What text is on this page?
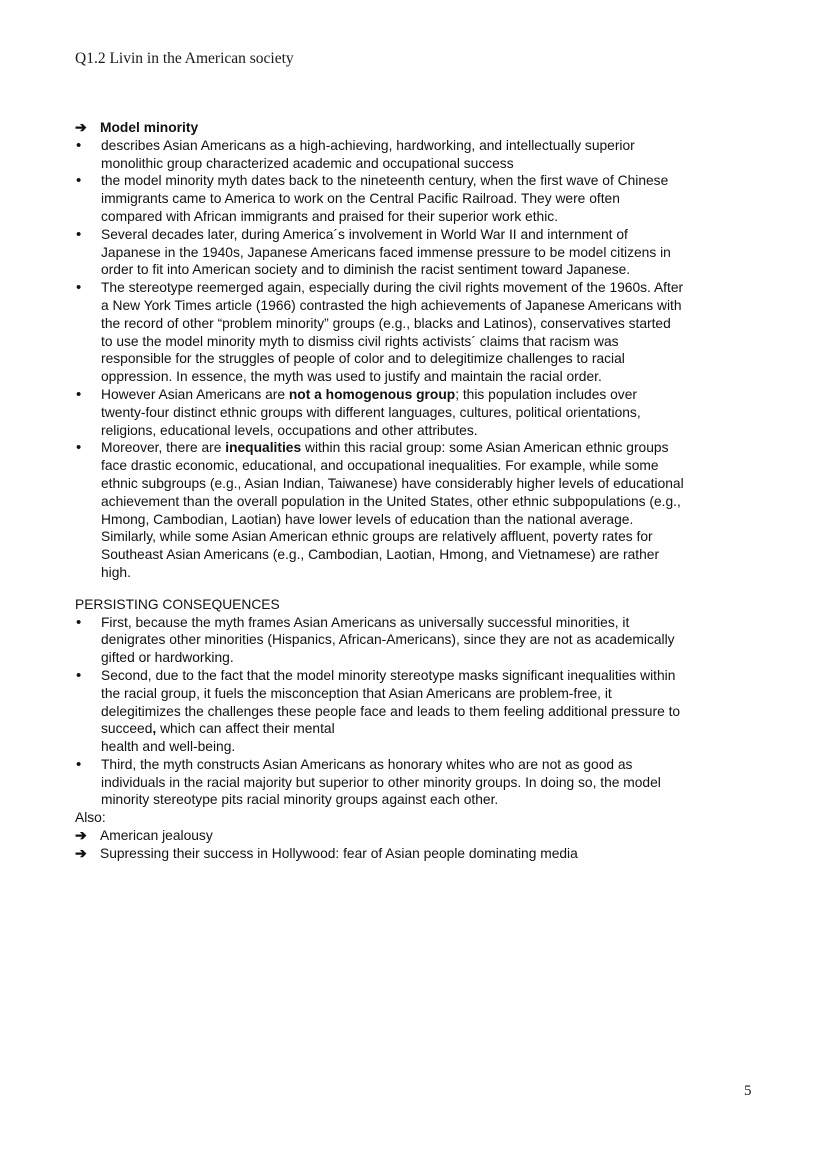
Q1.2 Livin in the American society
➔ Model minority
•	describes Asian Americans as a high-achieving, hardworking, and intellectually superior monolithic group characterized academic and occupational success
•	the model minority myth dates back to the nineteenth century, when the first wave of Chinese immigrants came to America to work on the Central Pacific Railroad. They were often compared with African immigrants and praised for their superior work ethic.
•	Several decades later, during America´s involvement in World War II and internment of Japanese in the 1940s, Japanese Americans faced immense pressure to be model citizens in order to fit into American society and to diminish the racist sentiment toward Japanese.
•	The stereotype reemerged again, especially during the civil rights movement of the 1960s. After a New York Times article (1966) contrasted the high achievements of Japanese Americans with the record of other “problem minority” groups (e.g., blacks and Latinos), conservatives started to use the model minority myth to dismiss civil rights activists´ claims that racism was responsible for the struggles of people of color and to delegitimize challenges to racial oppression. In essence, the myth was used to justify and maintain the racial order.
•	However Asian Americans are not a homogenous group; this population includes over twenty-four distinct ethnic groups with different languages, cultures, political orientations, religions, educational levels, occupations and other attributes.
•	Moreover, there are inequalities within this racial group: some Asian American ethnic groups face drastic economic, educational, and occupational inequalities. For example, while some ethnic subgroups (e.g., Asian Indian, Taiwanese) have considerably higher levels of educational achievement than the overall population in the United States, other ethnic subpopulations (e.g., Hmong, Cambodian, Laotian) have lower levels of education than the national average.
Similarly, while some Asian American ethnic groups are relatively affluent, poverty rates for Southeast Asian Americans (e.g., Cambodian, Laotian, Hmong, and Vietnamese) are rather high.
PERSISTING CONSEQUENCES
•	First, because the myth frames Asian Americans as universally successful minorities, it denigrates other minorities (Hispanics, African-Americans), since they are not as academically gifted or hardworking.
•	Second, due to the fact that the model minority stereotype masks significant inequalities within the racial group, it fuels the misconception that Asian Americans are problem-free, it delegitimizes the challenges these people face and leads to them feeling additional pressure to succeed, which can affect their mental
health and well-being.
•	Third, the myth constructs Asian Americans as honorary whites who are not as good as individuals in the racial majority but superior to other minority groups. In doing so, the model minority stereotype pits racial minority groups against each other.
Also:
➔ American jealousy
➔ Supressing their success in Hollywood: fear of Asian people dominating media
5
